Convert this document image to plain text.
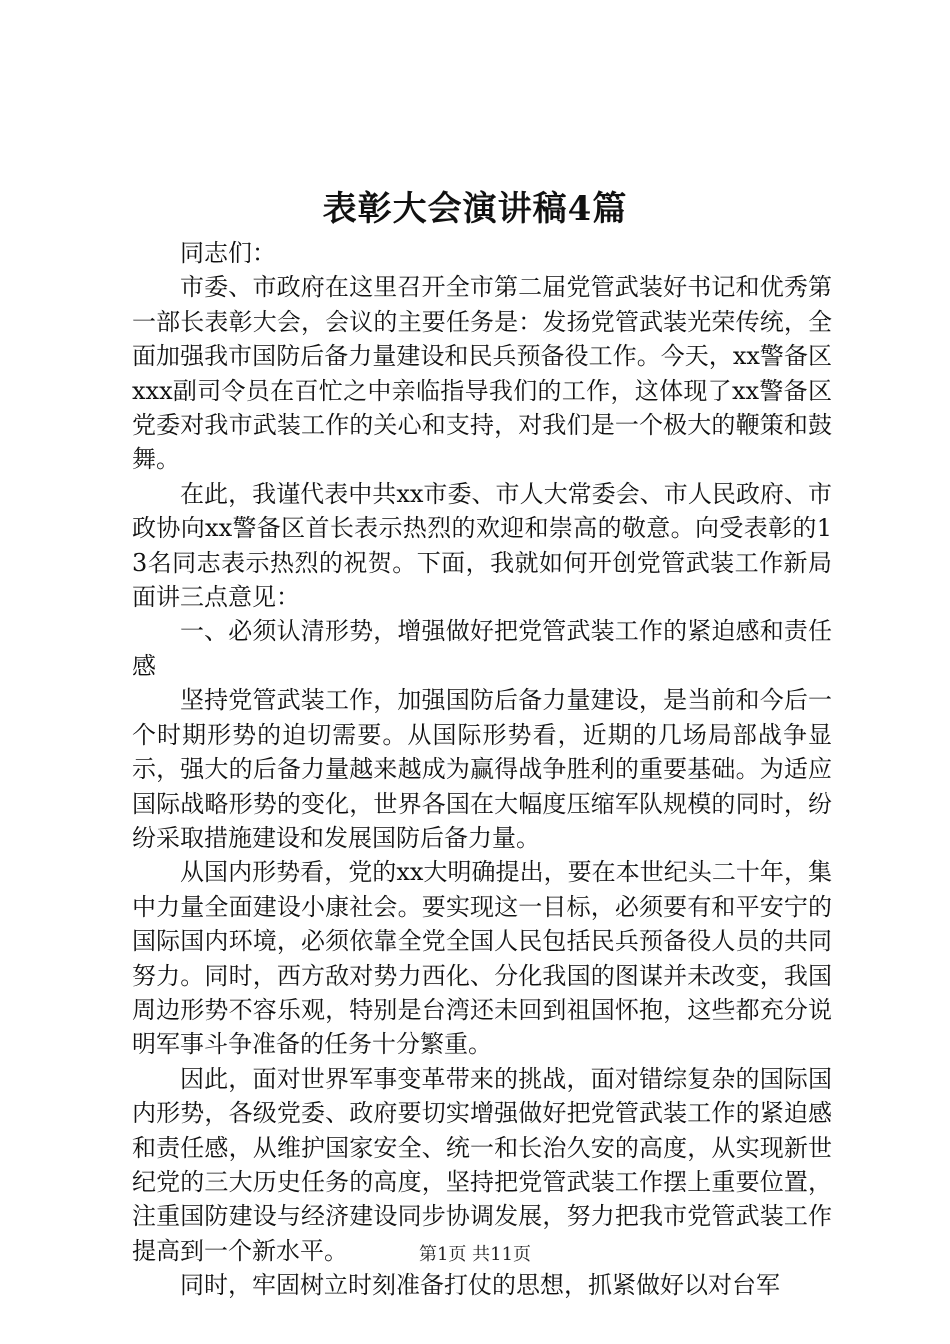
表彰大会演讲稿4篇

同志们：

市委、市政府在这里召开全市第二届党管武装好书记和优秀第一部长表彰大会，会议的主要任务是：发扬党管武装光荣传统，全面加强我市国防后备力量建设和民兵预备役工作。今天，xx警备区xxx副司令员在百忙之中亲临指导我们的工作，这体现了xx警备区党委对我市武装工作的关心和支持，对我们是一个极大的鞭策和鼓舞。

在此，我谨代表中共xx市委、市人大常委会、市人民政府、市政协向xx警备区首长表示热烈的欢迎和崇高的敬意。向受表彰的13名同志表示热烈的祝贺。下面，我就如何开创党管武装工作新局面讲三点意见：

一、必须认清形势，增强做好把党管武装工作的紧迫感和责任感

坚持党管武装工作，加强国防后备力量建设，是当前和今后一个时期形势的迫切需要。从国际形势看，近期的几场局部战争显示，强大的后备力量越来越成为赢得战争胜利的重要基础。为适应国际战略形势的变化，世界各国在大幅度压缩军队规模的同时，纷纷采取措施建设和发展国防后备力量。

从国内形势看，党的xx大明确提出，要在本世纪头二十年，集中力量全面建设小康社会。要实现这一目标，必须要有和平安宁的国际国内环境，必须依靠全党全国人民包括民兵预备役人员的共同努力。同时，西方敌对势力西化、分化我国的图谋并未改变，我国周边形势不容乐观，特别是台湾还未回到祖国怀抱，这些都充分说明军事斗争准备的任务十分繁重。

因此，面对世界军事变革带来的挑战，面对错综复杂的国际国内形势，各级党委、政府要切实增强做好把党管武装工作的紧迫感和责任感，从维护国家安全、统一和长治久安的高度，从实现新世纪党的三大历史任务的高度，坚持把党管武装工作摆上重要位置，注重国防建设与经济建设同步协调发展，努力把我市党管武装工作提高到一个新水平。

同时，牢固树立时刻准备打仗的思想，抓紧做好以对台军

第1页 共11页
